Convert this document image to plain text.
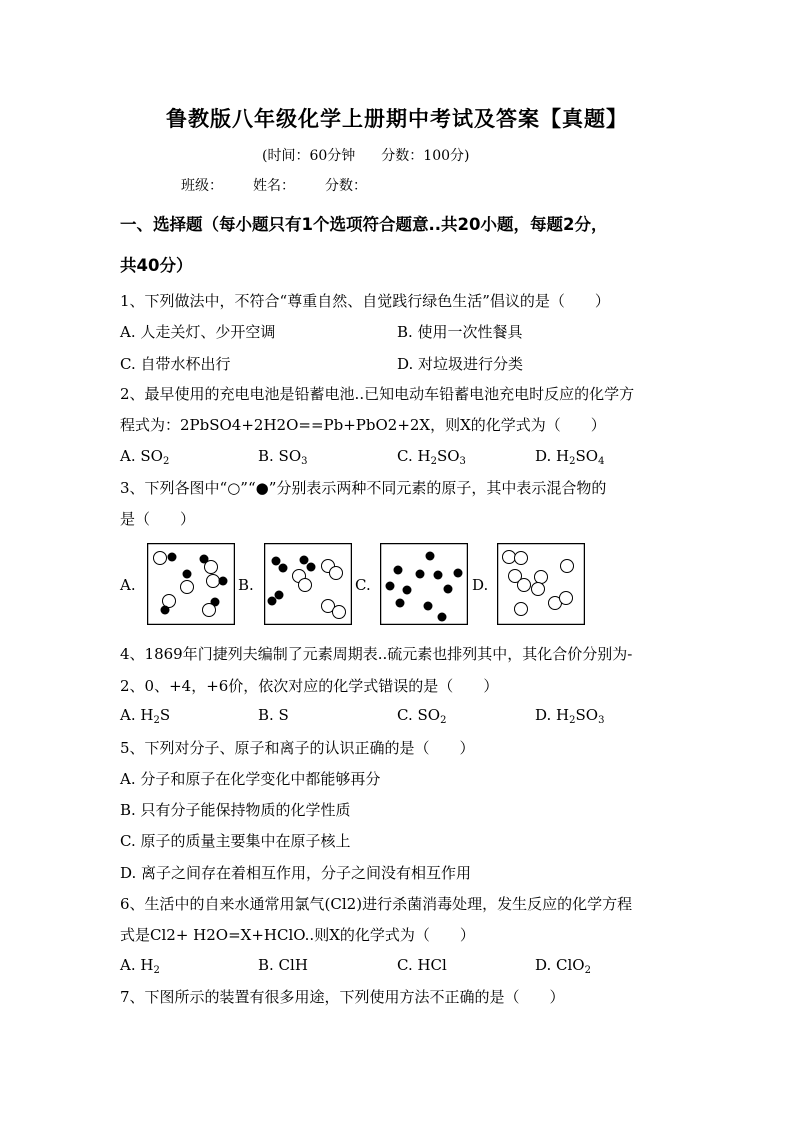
鲁教版八年级化学上册期中考试及答案【真题】
(时间：60分钟 分数：100分)
班级： 姓名： 分数：
一、选择题（每小题只有1个选项符合题意..共20小题，每题2分，
共40分）
1、下列做法中，不符合“尊重自然、自觉践行绿色生活”倡议的是（　　）
A. 人走关灯、少开空调	B. 使用一次性餐具
C. 自带水杯出行	D. 对垃圾进行分类
2、最早使用的充电电池是铅蓄电池..已知电动车铅蓄电池充电时反应的化学方
程式为：2PbSO4+2H2O==Pb+PbO2+2X，则X的化学式为（　　）
A. $SO_2$	B. $SO_3$	C. $H_2SO_3$	D. $H_2SO_4$
3、下列各图中“○”“●”分别表示两种不同元素的原子，其中表示混合物的
是（　　）
A.	B.	C.	D.
4、1869年门捷列夫编制了元素周期表..硫元素也排列其中，其化合价分别为-
2、0、+4，+6价，依次对应的化学式错误的是（　　）
A. $H_2S$	B. S	C. $SO_2$	D. $H_2SO_3$
5、下列对分子、原子和离子的认识正确的是（　　）
A. 分子和原子在化学变化中都能够再分
B. 只有分子能保持物质的化学性质
C. 原子的质量主要集中在原子核上
D. 离子之间存在着相互作用，分子之间没有相互作用
6、生活中的自来水通常用氯气(Cl2)进行杀菌消毒处理，发生反应的化学方程
式是Cl2+ H2O=X+HClO..则X的化学式为（　　）
A. $H_2$	B. ClH	C. HCl	D. ClO$_2$
7、下图所示的装置有很多用途，下列使用方法不正确的是（　　）
